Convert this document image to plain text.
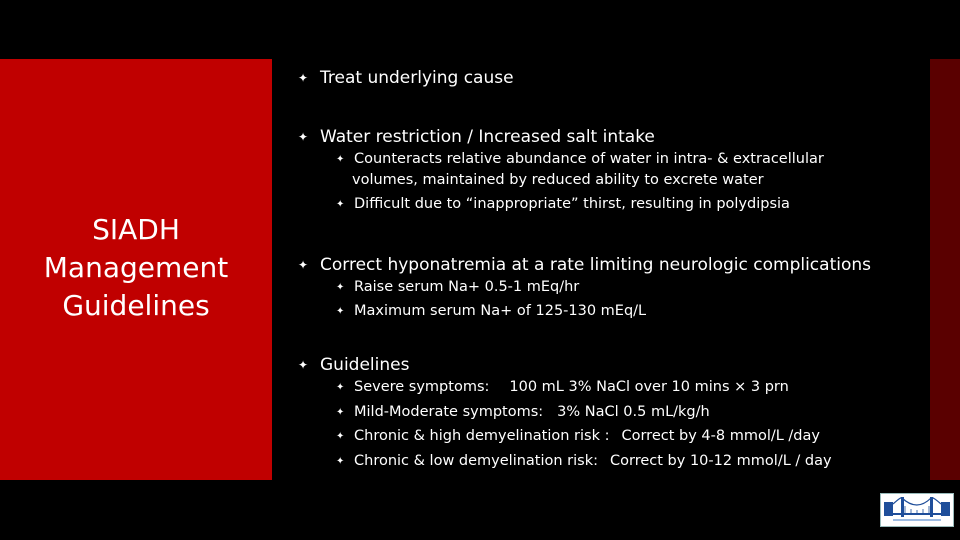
SIADH
Management
Guidelines
✦ Treat underlying cause
✦ Water restriction / Increased salt intake
✦ Counteracts relative abundance of water in intra- & extracellular
volumes, maintained by reduced ability to excrete water
✦ Difficult due to “inappropriate” thirst, resulting in polydipsia
✦ Correct hyponatremia at a rate limiting neurologic complications
✦ Raise serum Na+ 0.5-1 mEq/hr
✦ Maximum serum Na+ of 125-130 mEq/L
✦ Guidelines
✦ Severe symptoms: 100 mL 3% NaCl over 10 mins × 3 prn
✦ Mild-Moderate symptoms: 3% NaCl 0.5 mL/kg/h
✦ Chronic & high demyelination risk : Correct by 4-8 mmol/L /day
✦ Chronic & low demyelination risk: Correct by 10-12 mmol/L / day
